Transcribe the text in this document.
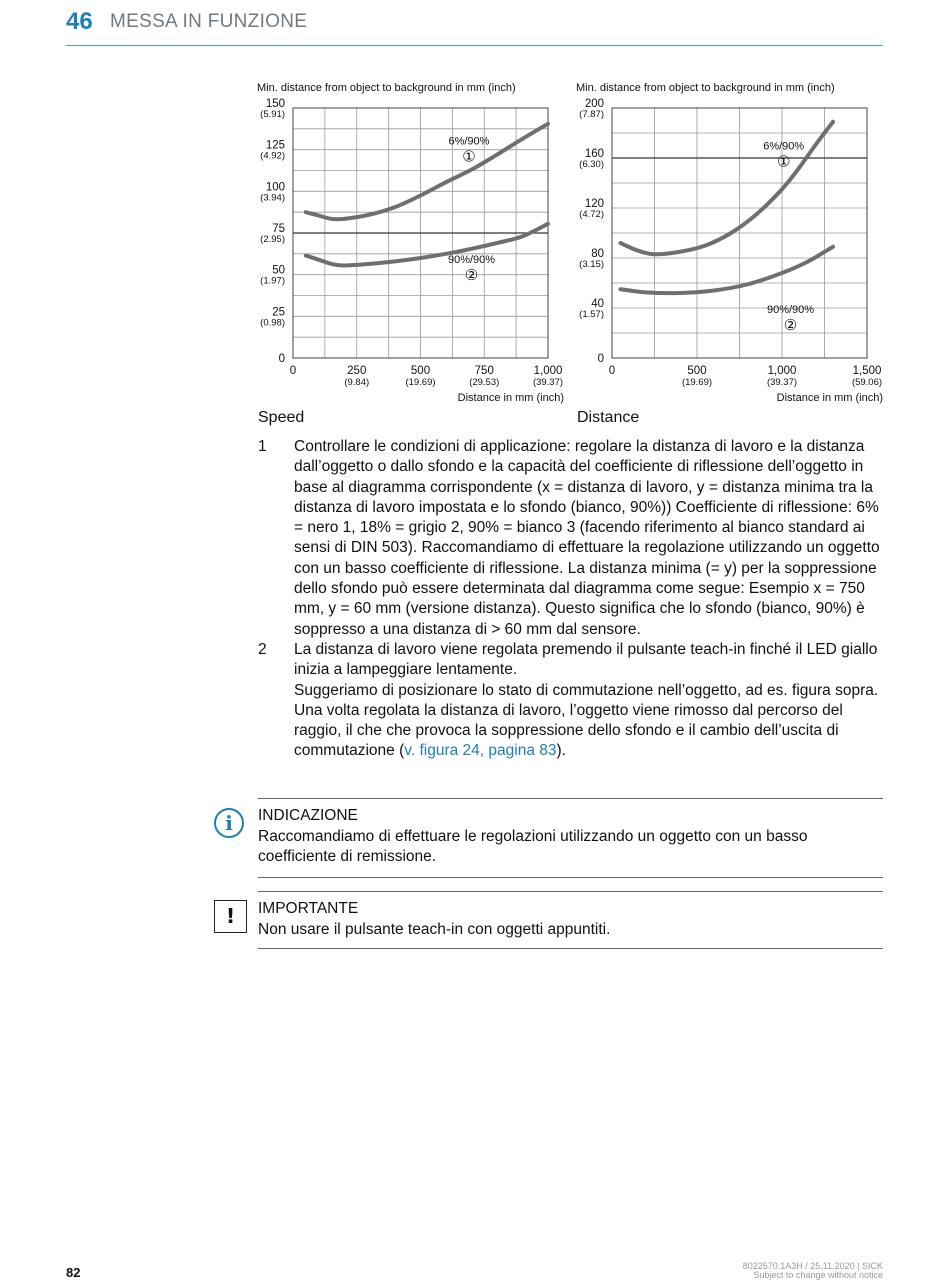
46 MESSA IN FUNZIONE
Min. distance from object to background in mm (inch)
0
25
(0.98)
50
(1.97)
75
(2.95)
100
(3.94)
125
(4.92)
150
(5.91)
0	250
(9.84)
500
(19.69)
750
(29.53)
1,000
(39.37)
Distance in mm (inch)
6%/90%
①
90%/90%
②
Speed
Min. distance from object to background in mm (inch)
0
40
(1.57)
80
(3.15)
120
(4.72)
160
(6.30)
200
(7.87)
0	500
(19.69)
1,000
(39.37)
1,500
(59.06)
Distance in mm (inch)
6%/90%
①
90%/90%
②
Distance
1 Controllare le condizioni di applicazione: regolare la distanza di lavoro e la distanza dall’oggetto o dallo sfondo e la capacità del coefficiente di riflessione dell’oggetto in base al diagramma corrispondente (x = distanza di lavoro, y = distanza minima tra la distanza di lavoro impostata e lo sfondo (bianco, 90%)) Coefficiente di riflessione: 6% = nero 1, 18% = grigio 2, 90% = bianco 3 (facendo riferimento al bianco standard ai sensi di DIN 503). Raccomandiamo di effettuare la regolazione utilizzando un oggetto con un basso coefficiente di riflessione. La distanza minima (= y) per la soppressione dello sfondo può essere determinata dal diagramma come segue: Esempio x = 750 mm, y = 60 mm (versione distanza). Questo significa che lo sfondo (bianco, 90%) è soppresso a una distanza di > 60 mm dal sensore.

2 La distanza di lavoro viene regolata premendo il pulsante teach-in finché il LED giallo inizia a lampeggiare lentamente.

Suggeriamo di posizionare lo stato di commutazione nell’oggetto, ad es. figura sopra. Una volta regolata la distanza di lavoro, l’oggetto viene rimosso dal percorso del raggio, il che che provoca la soppressione dello sfondo e il cambio dell’uscita di commutazione (v. figura 24, pagina 83).

i	INDICAZIONE
Raccomandiamo di effettuare le regolazioni utilizzando un oggetto con un basso coefficiente di remissione.
!	IMPORTANTE
Non usare il pulsante teach-in con oggetti appuntiti.
82	8022570.1A3H / 25.11.2020 | SICK
Subject to change without notice
